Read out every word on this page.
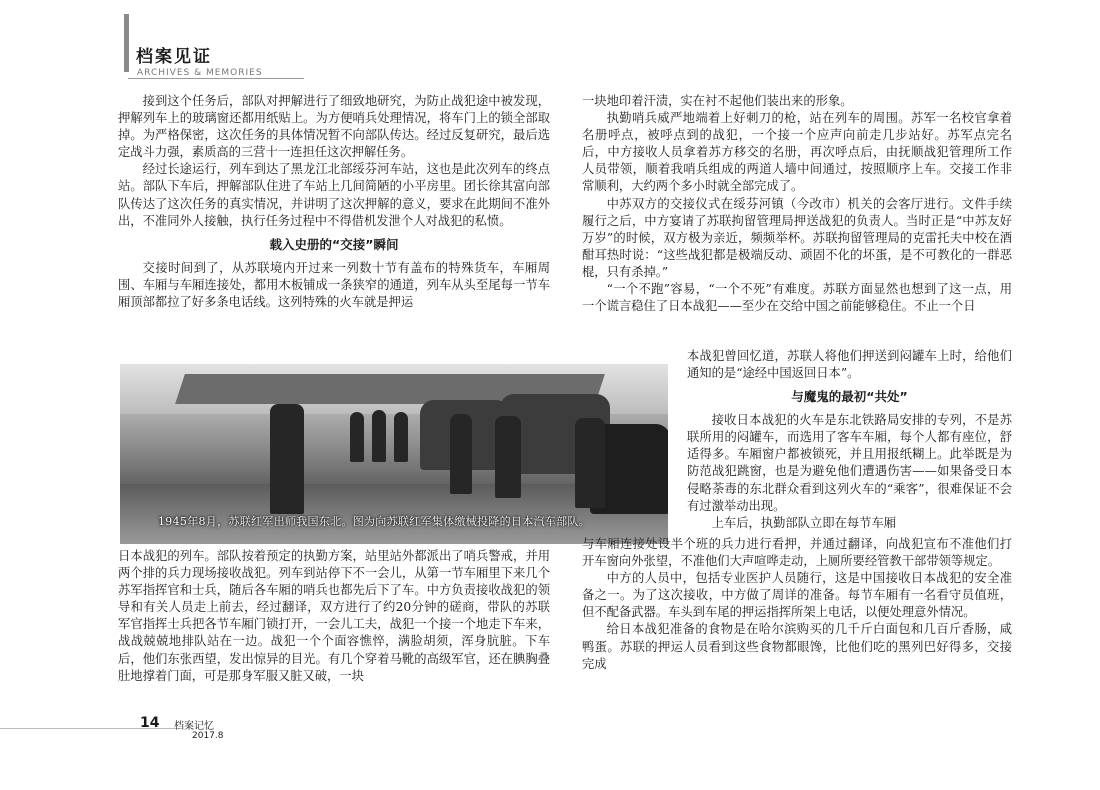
档案见证
ARCHIVES & MEMORIES

接到这个任务后，部队对押解进行了细致地研究，为防止战犯途中被发现，押解列车上的玻璃窗还都用纸贴上。为方便哨兵处理情况，将车门上的锁全部取掉。为严格保密，这次任务的具体情况暂不向部队传达。经过反复研究，最后选定战斗力强，素质高的三营十一连担任这次押解任务。

经过长途运行，列车到达了黑龙江北部绥芬河车站，这也是此次列车的终点站。部队下车后，押解部队住进了车站上几间简陋的小平房里。团长徐其富向部队传达了这次任务的真实情况，并讲明了这次押解的意义，要求在此期间不准外出，不准同外人接触，执行任务过程中不得借机发泄个人对战犯的私愤。

载入史册的“交接”瞬间

交接时间到了，从苏联境内开过来一列数十节有盖布的特殊货车，车厢周围、车厢与车厢连接处，都用木板铺成一条狭窄的通道，列车从头至尾每一节车厢顶部都拉了好多条电话线。这列特殊的火车就是押运

1945年8月，苏联红军出师我国东北。图为向苏联红军集体缴械投降的日本汽车部队。

日本战犯的列车。部队按着预定的执勤方案，站里站外都派出了哨兵警戒，并用两个排的兵力现场接收战犯。列车到站停下不一会儿，从第一节车厢里下来几个苏军指挥官和士兵，随后各车厢的哨兵也都先后下了车。中方负责接收战犯的领导和有关人员走上前去，经过翻译，双方进行了约20分钟的磋商，带队的苏联军官指挥士兵把各节车厢门锁打开，一会儿工夫，战犯一个接一个地走下车来，战战兢兢地排队站在一边。战犯一个个面容憔悴，满脸胡须，浑身肮脏。下车后，他们东张西望，发出惊异的目光。有几个穿着马靴的高级军官，还在腆胸叠肚地撑着门面，可是那身军服又脏又破，一块

一块地印着汗渍，实在衬不起他们装出来的形象。

执勤哨兵威严地端着上好刺刀的枪，站在列车的周围。苏军一名校官拿着名册呼点，被呼点到的战犯，一个接一个应声向前走几步站好。苏军点完名后，中方接收人员拿着苏方移交的名册，再次呼点后，由抚顺战犯管理所工作人员带领，顺着我哨兵组成的两道人墙中间通过，按照顺序上车。交接工作非常顺利，大约两个多小时就全部完成了。

中苏双方的交接仪式在绥芬河镇（今改市）机关的会客厅进行。文件手续履行之后，中方宴请了苏联拘留管理局押送战犯的负责人。当时正是“中苏友好万岁”的时候，双方极为亲近，频频举杯。苏联拘留管理局的克雷托夫中校在酒酣耳热时说：“这些战犯都是极端反动、顽固不化的坏蛋，是不可教化的一群恶棍，只有杀掉。”

“一个不跑”容易，“一个不死”有难度。苏联方面显然也想到了这一点，用一个谎言稳住了日本战犯——至少在交给中国之前能够稳住。不止一个日

本战犯曾回忆道，苏联人将他们押送到闷罐车上时，给他们通知的是“途经中国返回日本”。

与魔鬼的最初“共处”

接收日本战犯的火车是东北铁路局安排的专列，不是苏联所用的闷罐车，而选用了客车车厢，每个人都有座位，舒适得多。车厢窗户都被锁死，并且用报纸糊上。此举既是为防范战犯跳窗，也是为避免他们遭遇伤害——如果备受日本侵略荼毒的东北群众看到这列火车的“乘客”，很难保证不会有过激举动出现。

上车后，执勤部队立即在每节车厢

与车厢连接处设半个班的兵力进行看押，并通过翻译，向战犯宣布不准他们打开车窗向外张望，不准他们大声喧哗走动，上厕所要经管教干部带领等规定。

中方的人员中，包括专业医护人员随行，这是中国接收日本战犯的安全准备之一。为了这次接收，中方做了周详的准备。每节车厢有一名看守员值班，但不配备武器。车头到车尾的押运指挥所架上电话，以便处理意外情况。

给日本战犯准备的食物是在哈尔滨购买的几千斤白面包和几百斤香肠，咸鸭蛋。苏联的押运人员看到这些食物都眼馋，比他们吃的黑列巴好得多，交接完成

14 档案记忆
2017.8
